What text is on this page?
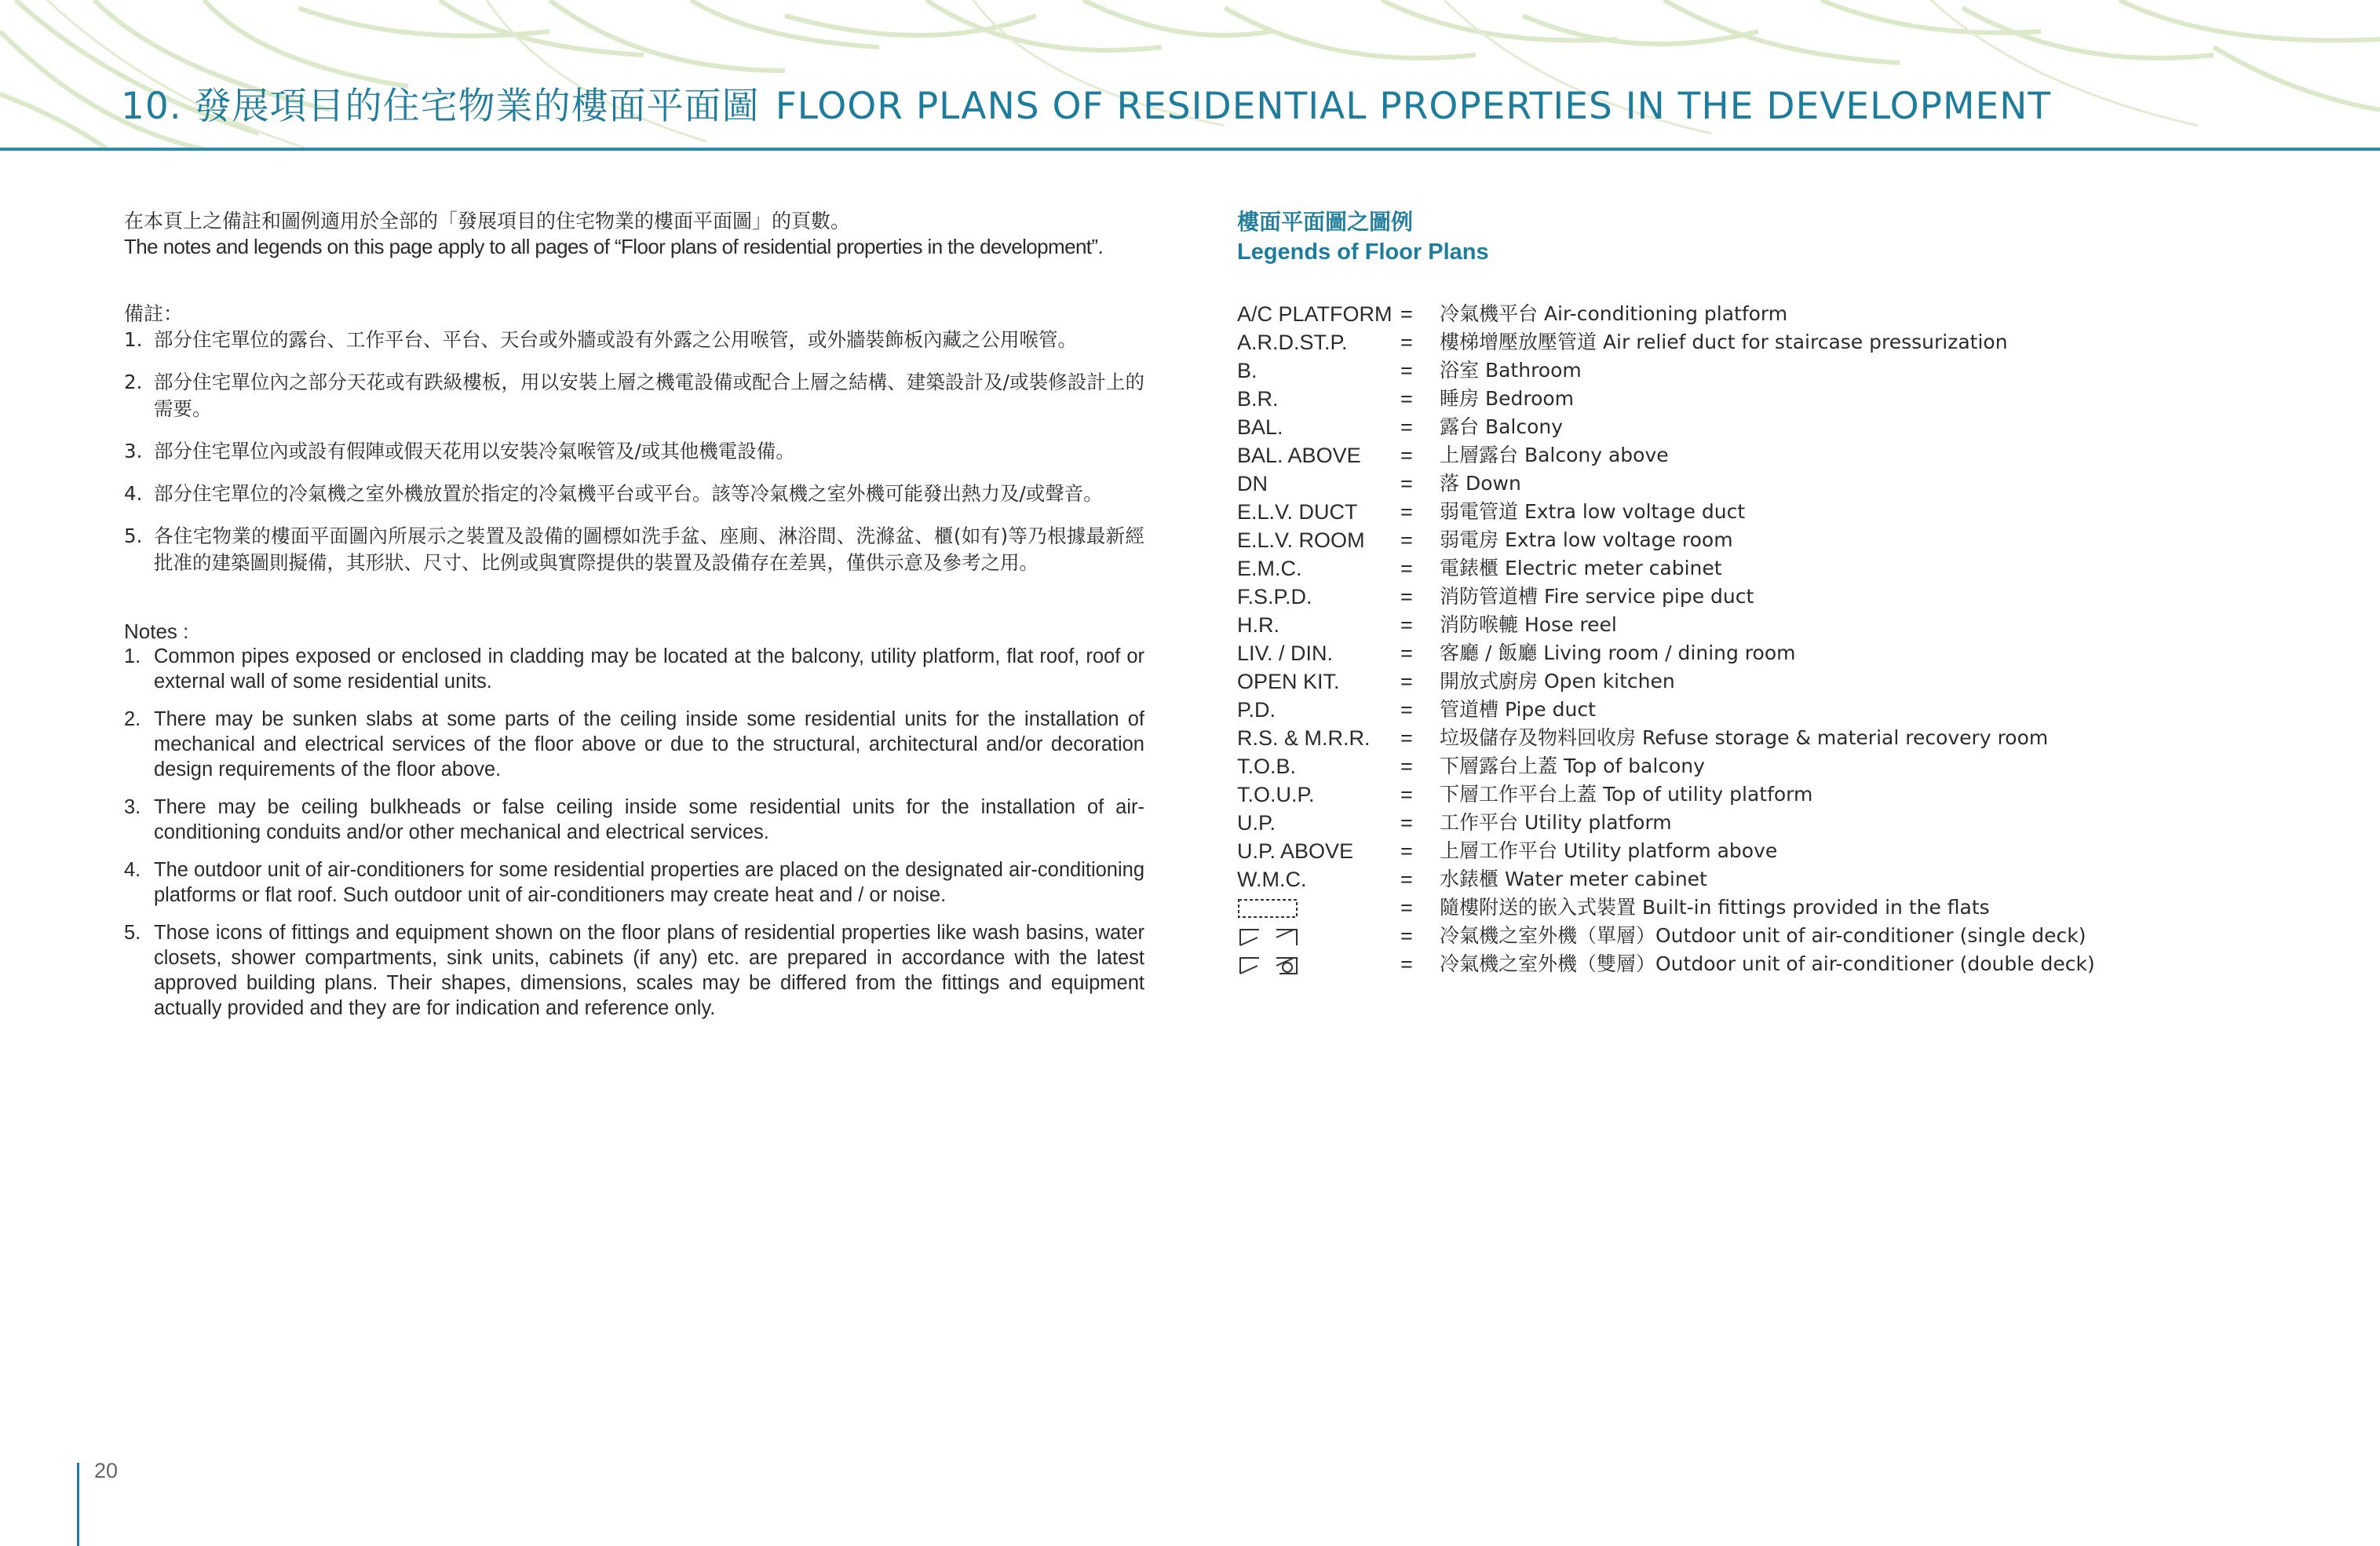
10. 發展項目的住宅物業的樓面平面圖 FLOOR PLANS OF RESIDENTIAL PROPERTIES IN THE DEVELOPMENT
在本頁上之備註和圖例適用於全部的「發展項目的住宅物業的樓面平面圖」的頁數。
The notes and legends on this page apply to all pages of “Floor plans of residential properties in the development”.
備註：
1. 部分住宅單位的露台、工作平台、平台、天台或外牆或設有外露之公用喉管，或外牆裝飾板內藏之公用喉管。
2. 部分住宅單位內之部分天花或有跌級樓板，用以安裝上層之機電設備或配合上層之結構、建築設計及/或裝修設計上的需要。
3. 部分住宅單位內或設有假陣或假天花用以安裝冷氣喉管及/或其他機電設備。
4. 部分住宅單位的冷氣機之室外機放置於指定的冷氣機平台或平台。該等冷氣機之室外機可能發出熱力及/或聲音。
5. 各住宅物業的樓面平面圖內所展示之裝置及設備的圖標如洗手盆、座廁、淋浴間、洗滌盆、櫃(如有)等乃根據最新經批准的建築圖則擬備，其形狀、尺寸、比例或與實際提供的裝置及設備存在差異，僅供示意及參考之用。
Notes :
1. Common pipes exposed or enclosed in cladding may be located at the balcony, utility platform, flat roof, roof or external wall of some residential units.
2. There may be sunken slabs at some parts of the ceiling inside some residential units for the installation of mechanical and electrical services of the floor above or due to the structural, architectural and/or decoration design requirements of the floor above.
3. There may be ceiling bulkheads or false ceiling inside some residential units for the installation of air-conditioning conduits and/or other mechanical and electrical services.
4. The outdoor unit of air-conditioners for some residential properties are placed on the designated air-conditioning platforms or flat roof. Such outdoor unit of air-conditioners may create heat and / or noise.
5. Those icons of fittings and equipment shown on the floor plans of residential properties like wash basins, water closets, shower compartments, sink units, cabinets (if any) etc. are prepared in accordance with the latest approved building plans. Their shapes, dimensions, scales may be differed from the fittings and equipment actually provided and they are for indication and reference only.
樓面平面圖之圖例
Legends of Floor Plans
A/C PLATFORM = 冷氣機平台 Air-conditioning platform
A.R.D.ST.P. = 樓梯增壓放壓管道 Air relief duct for staircase pressurization
B.	= 浴室 Bathroom
B.R.	= 睡房 Bedroom
BAL.	= 露台 Balcony
BAL. ABOVE = 上層露台 Balcony above
DN	= 落 Down
E.L.V. DUCT = 弱電管道 Extra low voltage duct
E.L.V. ROOM = 弱電房 Extra low voltage room
E.M.C.	= 電錶櫃 Electric meter cabinet
F.S.P.D.	= 消防管道槽 Fire service pipe duct
H.R.	= 消防喉轆 Hose reel
LIV. / DIN.	= 客廳 / 飯廳 Living room / dining room
OPEN KIT.	= 開放式廚房 Open kitchen
P.D.	= 管道槽 Pipe duct
R.S. & M.R.R. = 垃圾儲存及物料回收房 Refuse storage & material recovery room
T.O.B.	= 下層露台上蓋 Top of balcony
T.O.U.P.	= 下層工作平台上蓋 Top of utility platform
U.P.	= 工作平台 Utility platform
U.P. ABOVE = 上層工作平台 Utility platform above
W.M.C.	= 水錶櫃 Water meter cabinet
= 隨樓附送的嵌入式裝置 Built-in fittings provided in the flats
= 冷氣機之室外機（單層）Outdoor unit of air-conditioner (single deck)
= 冷氣機之室外機（雙層）Outdoor unit of air-conditioner (double deck)
20
